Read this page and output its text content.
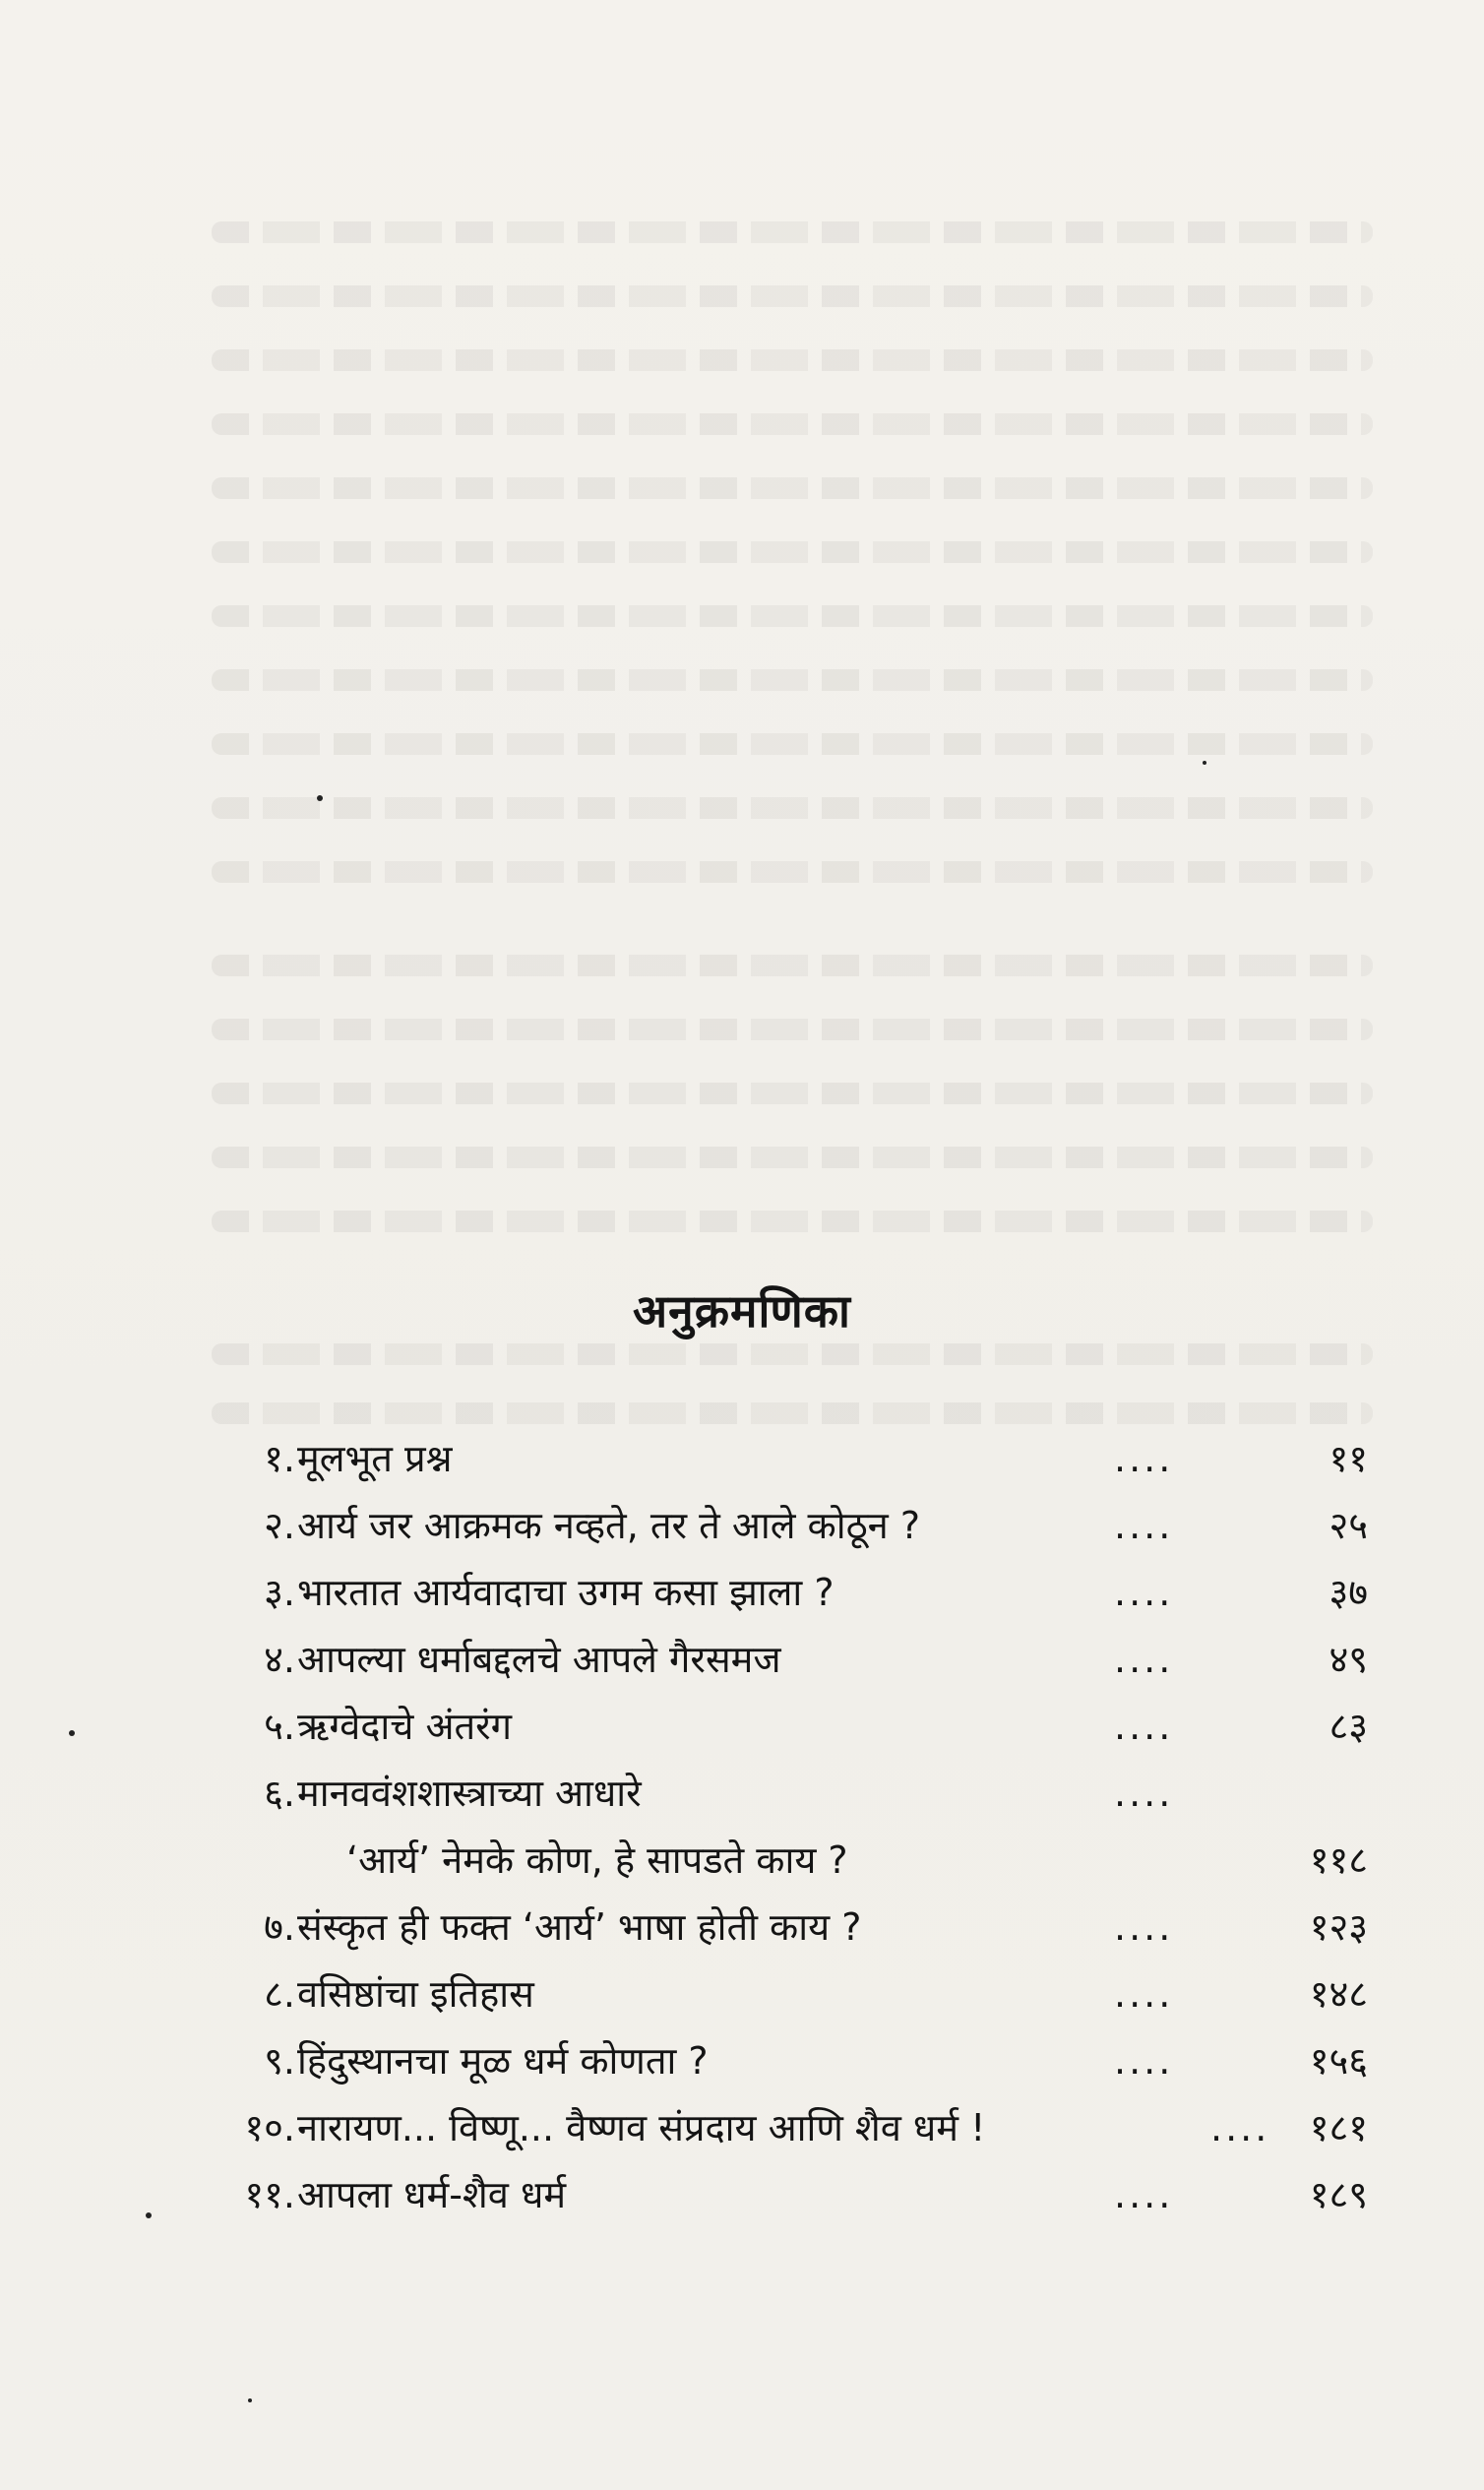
अनुक्रमणिका
१. मूलभूत प्रश्न	....	११
२. आर्य जर आक्रमक नव्हते, तर ते आले कोठून ?	....	२५
३. भारतात आर्यवादाचा उगम कसा झाला ?	....	३७
४. आपल्या धर्माबद्दलचे आपले गैरसमज	....	४९
५. ऋग्वेदाचे अंतरंग	....	८३
६. मानववंशशास्त्राच्या आधारे	....
‘आर्य’ नेमके कोण, हे सापडते काय ?	११८
७. संस्कृत ही फक्त ‘आर्य’ भाषा होती काय ?	....	१२३
८. वसिष्ठांचा इतिहास	....	१४८
९. हिंदुस्थानचा मूळ धर्म कोणता ?	....	१५६
१०. नारायण... विष्णू... वैष्णव संप्रदाय आणि शैव धर्म !	.... १८१
११. आपला धर्म-शैव धर्म	....	१८९
